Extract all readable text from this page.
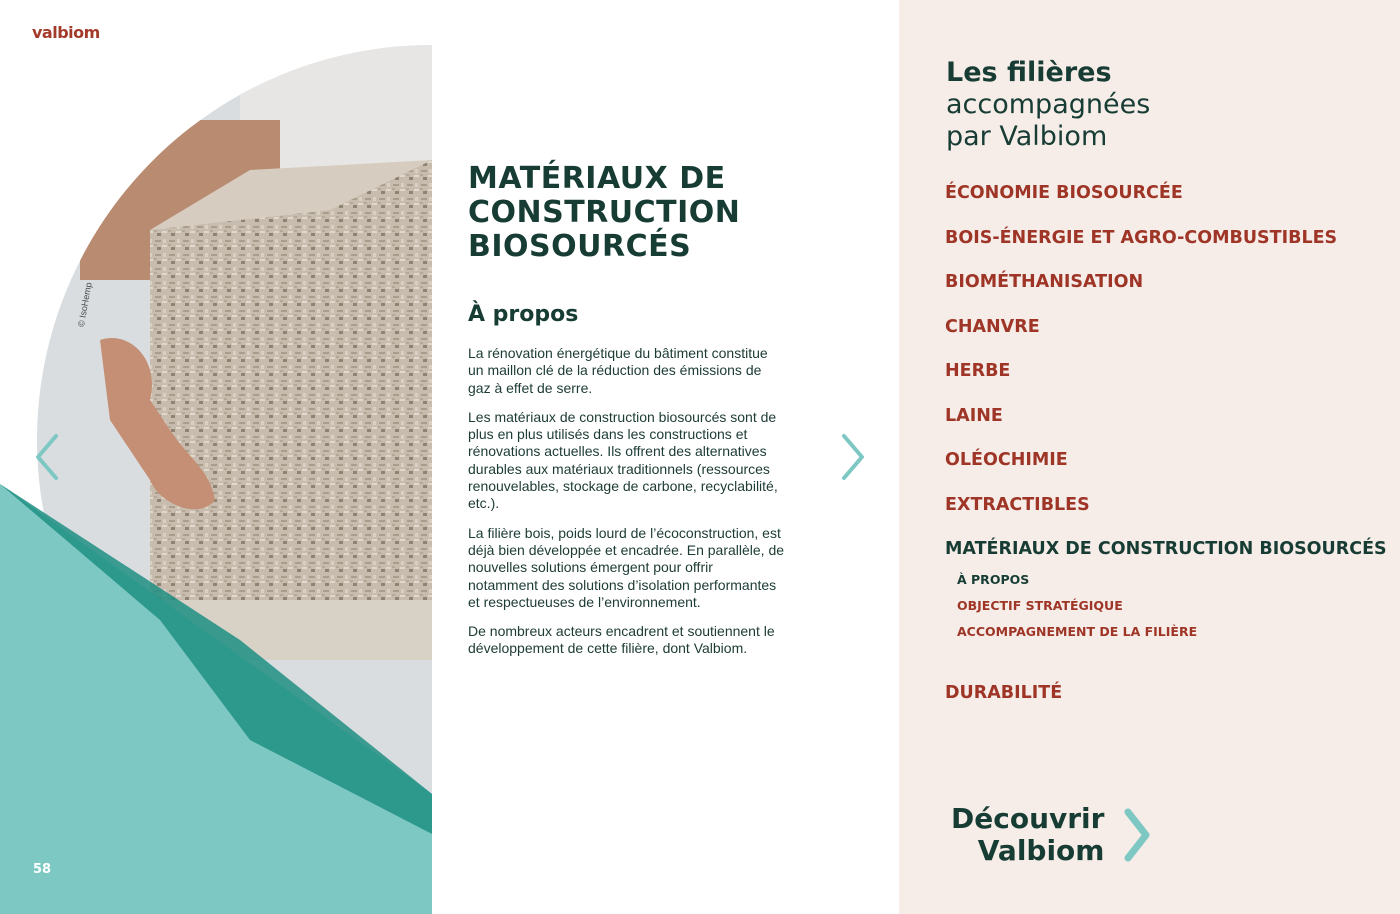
valbiom
© IsoHemp
58
MATÉRIAUX DE CONSTRUCTION BIOSOURCÉS
À propos

La rénovation énergétique du bâtiment constitue un maillon clé de la réduction des émissions de gaz à effet de serre.

Les matériaux de construction biosourcés sont de plus en plus utilisés dans les constructions et rénovations actuelles. Ils offrent des alternatives durables aux matériaux traditionnels (ressources renouvelables, stockage de carbone, recyclabilité, etc.).

La filière bois, poids lourd de l’écoconstruction, est déjà bien développée et encadrée. En parallèle, de nouvelles solutions émergent pour offrir notamment des solutions d’isolation performantes et respectueuses de l’environnement.

De nombreux acteurs encadrent et soutiennent le développement de cette filière, dont Valbiom.

Les filières
accompagnées
par Valbiom
ÉCONOMIE BIOSOURCÉE
BOIS-ÉNERGIE ET AGRO-COMBUSTIBLES
BIOMÉTHANISATION
CHANVRE
HERBE
LAINE
OLÉOCHIMIE
EXTRACTIBLES
MATÉRIAUX DE CONSTRUCTION BIOSOURCÉS
À PROPOS
OBJECTIF STRATÉGIQUE
ACCOMPAGNEMENT DE LA FILIÈRE
DURABILITÉ
Découvrir
Valbiom
